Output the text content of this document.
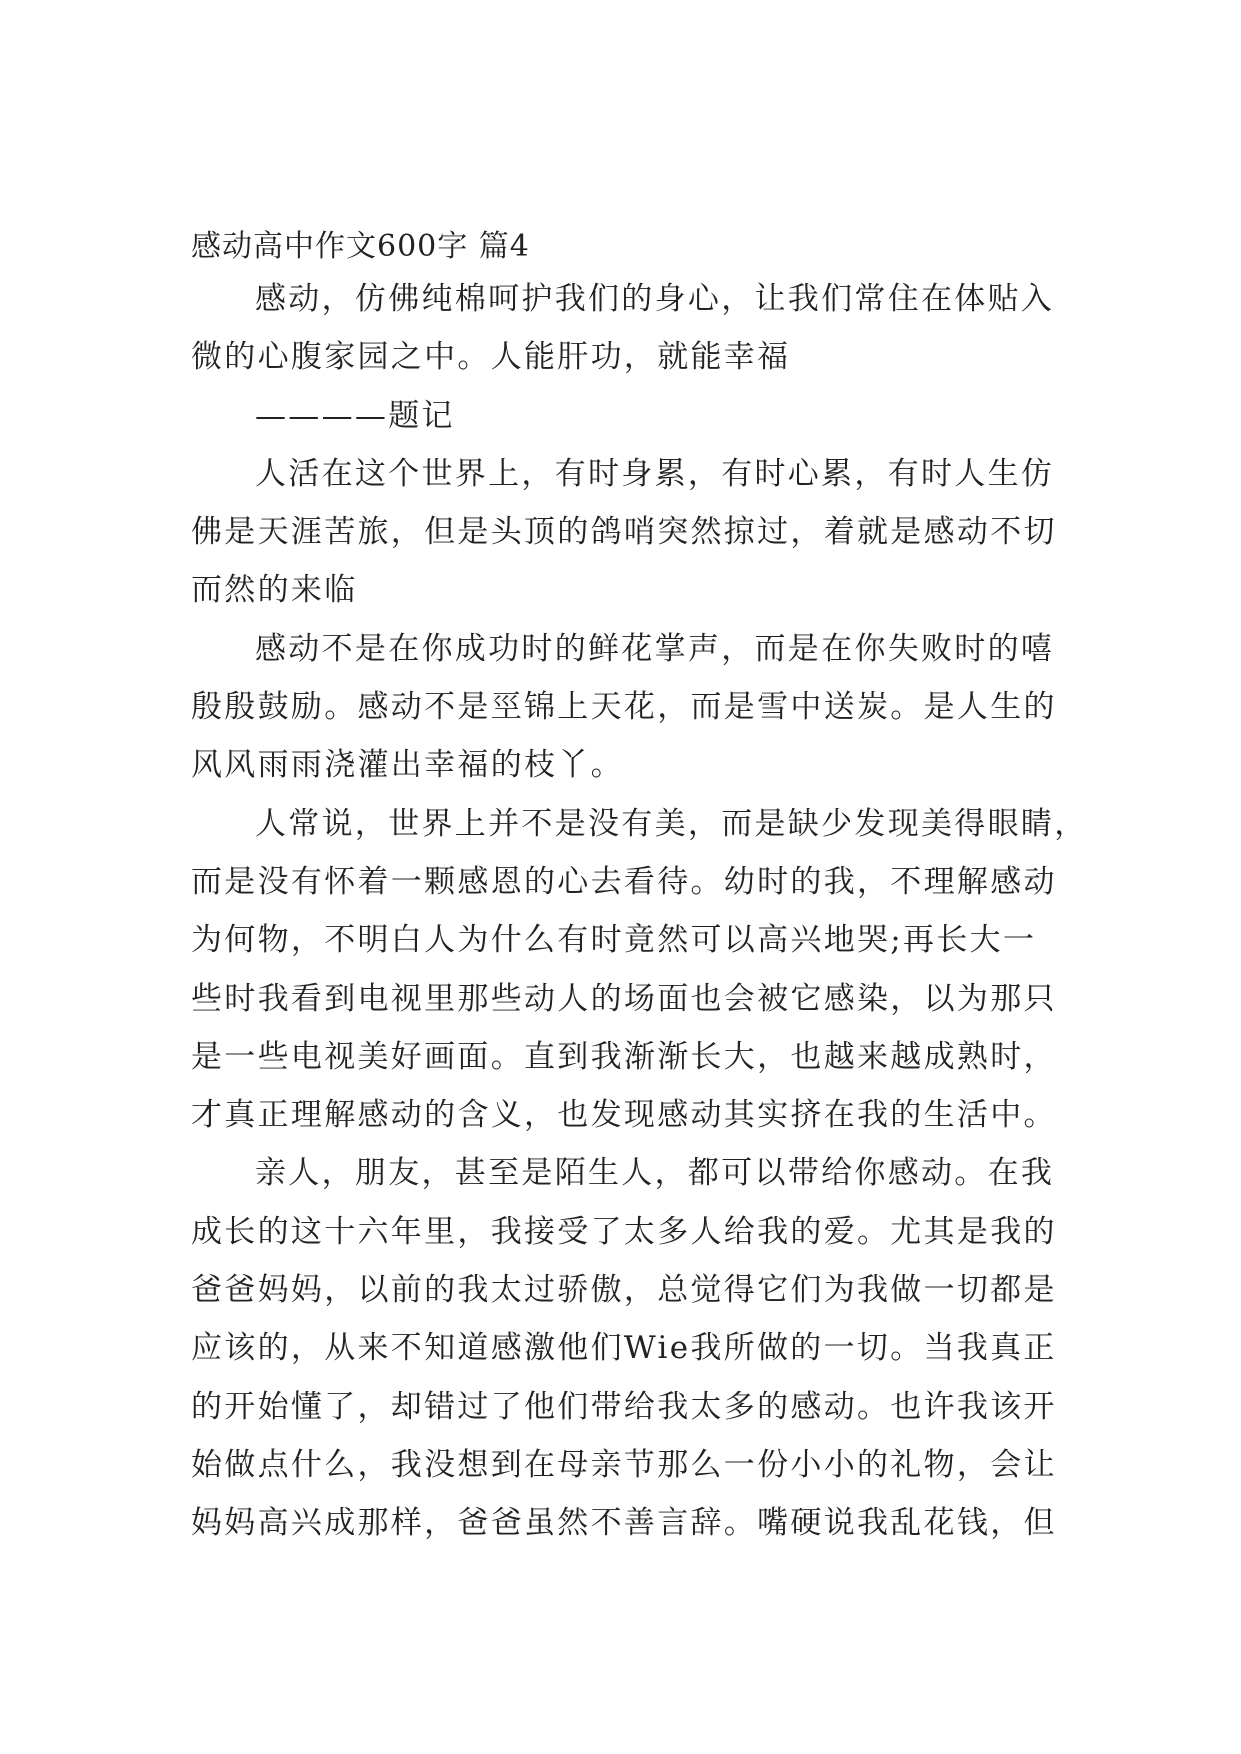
感动高中作文600字 篇4

感动，仿佛纯棉呵护我们的身心，让我们常住在体贴入
微的心腹家园之中。人能肝功，就能幸福

————题记

人活在这个世界上，有时身累，有时心累，有时人生仿
佛是天涯苦旅，但是头顶的鸽哨突然掠过，着就是感动不切
而然的来临

感动不是在你成功时的鲜花掌声，而是在你失败时的嘻
殷殷鼓励。感动不是巠锦上天花，而是雪中送炭。是人生的
风风雨雨浇灌出幸福的枝丫。

人常说，世界上并不是没有美，而是缺少发现美得眼睛，
而是没有怀着一颗感恩的心去看待。幼时的我，不理解感动
为何物，不明白人为什么有时竟然可以高兴地哭;再长大一
些时我看到电视里那些动人的场面也会被它感染，以为那只
是一些电视美好画面。直到我渐渐长大，也越来越成熟时，
才真正理解感动的含义，也发现感动其实挤在我的生活中。

亲人，朋友，甚至是陌生人，都可以带给你感动。在我
成长的这十六年里，我接受了太多人给我的爱。尤其是我的
爸爸妈妈，以前的我太过骄傲，总觉得它们为我做一切都是
应该的，从来不知道感激他们Wie我所做的一切。当我真正
的开始懂了，却错过了他们带给我太多的感动。也许我该开
始做点什么，我没想到在母亲节那么一份小小的礼物，会让
妈妈高兴成那样，爸爸虽然不善言辞。嘴硬说我乱花钱，但
